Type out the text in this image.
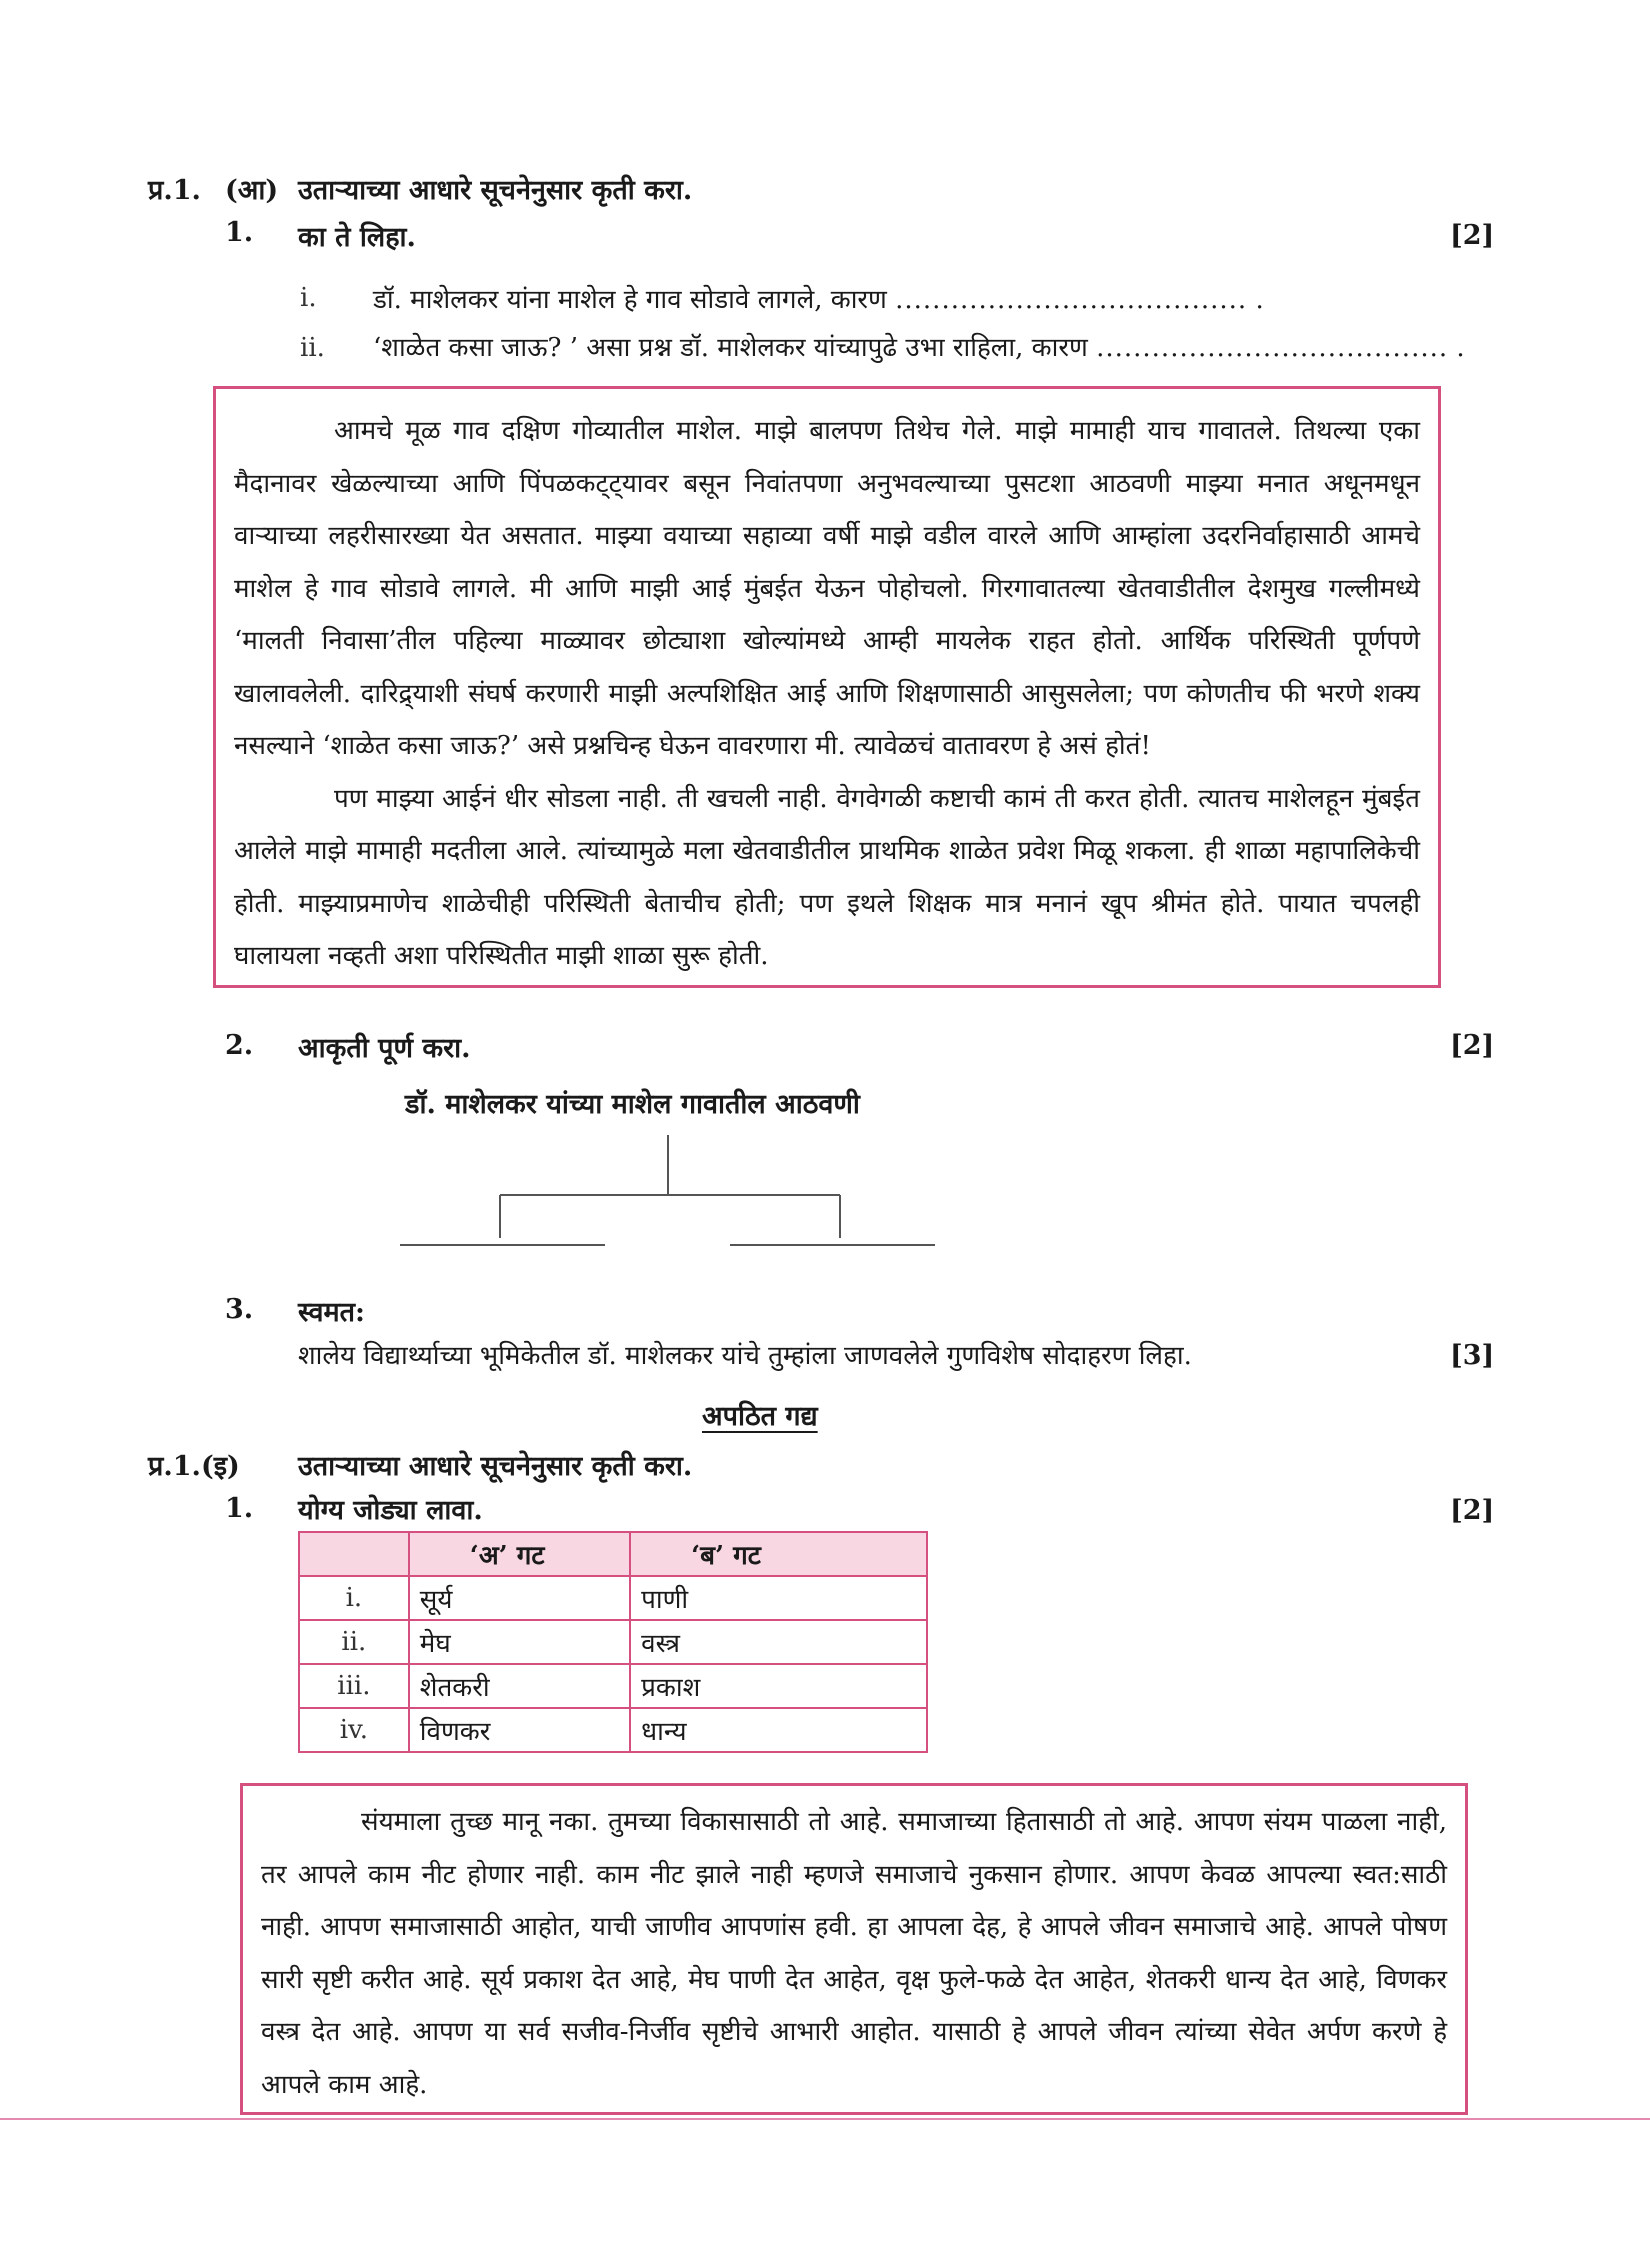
प्र.1. (आ) उताऱ्याच्या आधारे सूचनेनुसार कृती करा.
1. का ते लिहा.	[2]
i. डॉ. माशेलकर यांना माशेल हे गाव सोडावे लागले, कारण ...................................... .
ii. ‘शाळेत कसा जाऊ? ’ असा प्रश्न डॉ. माशेलकर यांच्यापुढे उभा राहिला, कारण ...................................... .

आमचे मूळ गाव दक्षिण गोव्यातील माशेल. माझे बालपण तिथेच गेले. माझे मामाही याच गावातले. तिथल्या एका मैदानावर खेळल्याच्या आणि पिंपळकट्ट्यावर बसून निवांतपणा अनुभवल्याच्या पुसटशा आठवणी माझ्या मनात अधूनमधून वाऱ्याच्या लहरीसारख्या येत असतात. माझ्या वयाच्या सहाव्या वर्षी माझे वडील वारले आणि आम्हांला उदरनिर्वाहासाठी आमचे माशेल हे गाव सोडावे लागले. मी आणि माझी आई मुंबईत येऊन पोहोचलो. गिरगावातल्या खेतवाडीतील देशमुख गल्लीमध्ये ‘मालती निवासा’तील पहिल्या माळ्यावर छोट्याशा खोल्यांमध्ये आम्ही मायलेक राहत होतो. आर्थिक परिस्थिती पूर्णपणे खालावलेली. दारिद्र्याशी संघर्ष करणारी माझी अल्पशिक्षित आई आणि शिक्षणासाठी आसुसलेला; पण कोणतीच फी भरणे शक्य नसल्याने ‘शाळेत कसा जाऊ?’ असे प्रश्नचिन्ह घेऊन वावरणारा मी. त्यावेळचं वातावरण हे असं होतं!

पण माझ्या आईनं धीर सोडला नाही. ती खचली नाही. वेगवेगळी कष्टाची कामं ती करत होती. त्यातच माशेलहून मुंबईत आलेले माझे मामाही मदतीला आले. त्यांच्यामुळे मला खेतवाडीतील प्राथमिक शाळेत प्रवेश मिळू शकला. ही शाळा महापालिकेची होती. माझ्याप्रमाणेच शाळेचीही परिस्थिती बेताचीच होती; पण इथले शिक्षक मात्र मनानं खूप श्रीमंत होते. पायात चपलही घालायला नव्हती अशा परिस्थितीत माझी शाळा सुरू होती.

2. आकृती पूर्ण करा.	[2]
डॉ. माशेलकर यांच्या माशेल गावातील आठवणी
3. स्वमत:
शालेय विद्यार्थ्याच्या भूमिकेतील डॉ. माशेलकर यांचे तुम्हांला जाणवलेले गुणविशेष सोदाहरण लिहा.	[3]
अपठित गद्य
प्र.1.(इ) उताऱ्याच्या आधारे सूचनेनुसार कृती करा.
1. योग्य जोड्या लावा.	[2]
	‘अ’ गट	‘ब’ गट
i.	सूर्य	पाणी
ii.	मेघ	वस्त्र
iii.	शेतकरी	प्रकाश
iv.	विणकर	धान्य

संयमाला तुच्छ मानू नका. तुमच्या विकासासाठी तो आहे. समाजाच्या हितासाठी तो आहे. आपण संयम पाळला नाही, तर आपले काम नीट होणार नाही. काम नीट झाले नाही म्हणजे समाजाचे नुकसान होणार. आपण केवळ आपल्या स्वत:साठी नाही. आपण समाजासाठी आहोत, याची जाणीव आपणांस हवी. हा आपला देह, हे आपले जीवन समाजाचे आहे. आपले पोषण सारी सृष्टी करीत आहे. सूर्य प्रकाश देत आहे, मेघ पाणी देत आहेत, वृक्ष फुले-फळे देत आहेत, शेतकरी धान्य देत आहे, विणकर वस्त्र देत आहे. आपण या सर्व सजीव-निर्जीव सृष्टीचे आभारी आहोत. यासाठी हे आपले जीवन त्यांच्या सेवेत अर्पण करणे हे आपले काम आहे.
